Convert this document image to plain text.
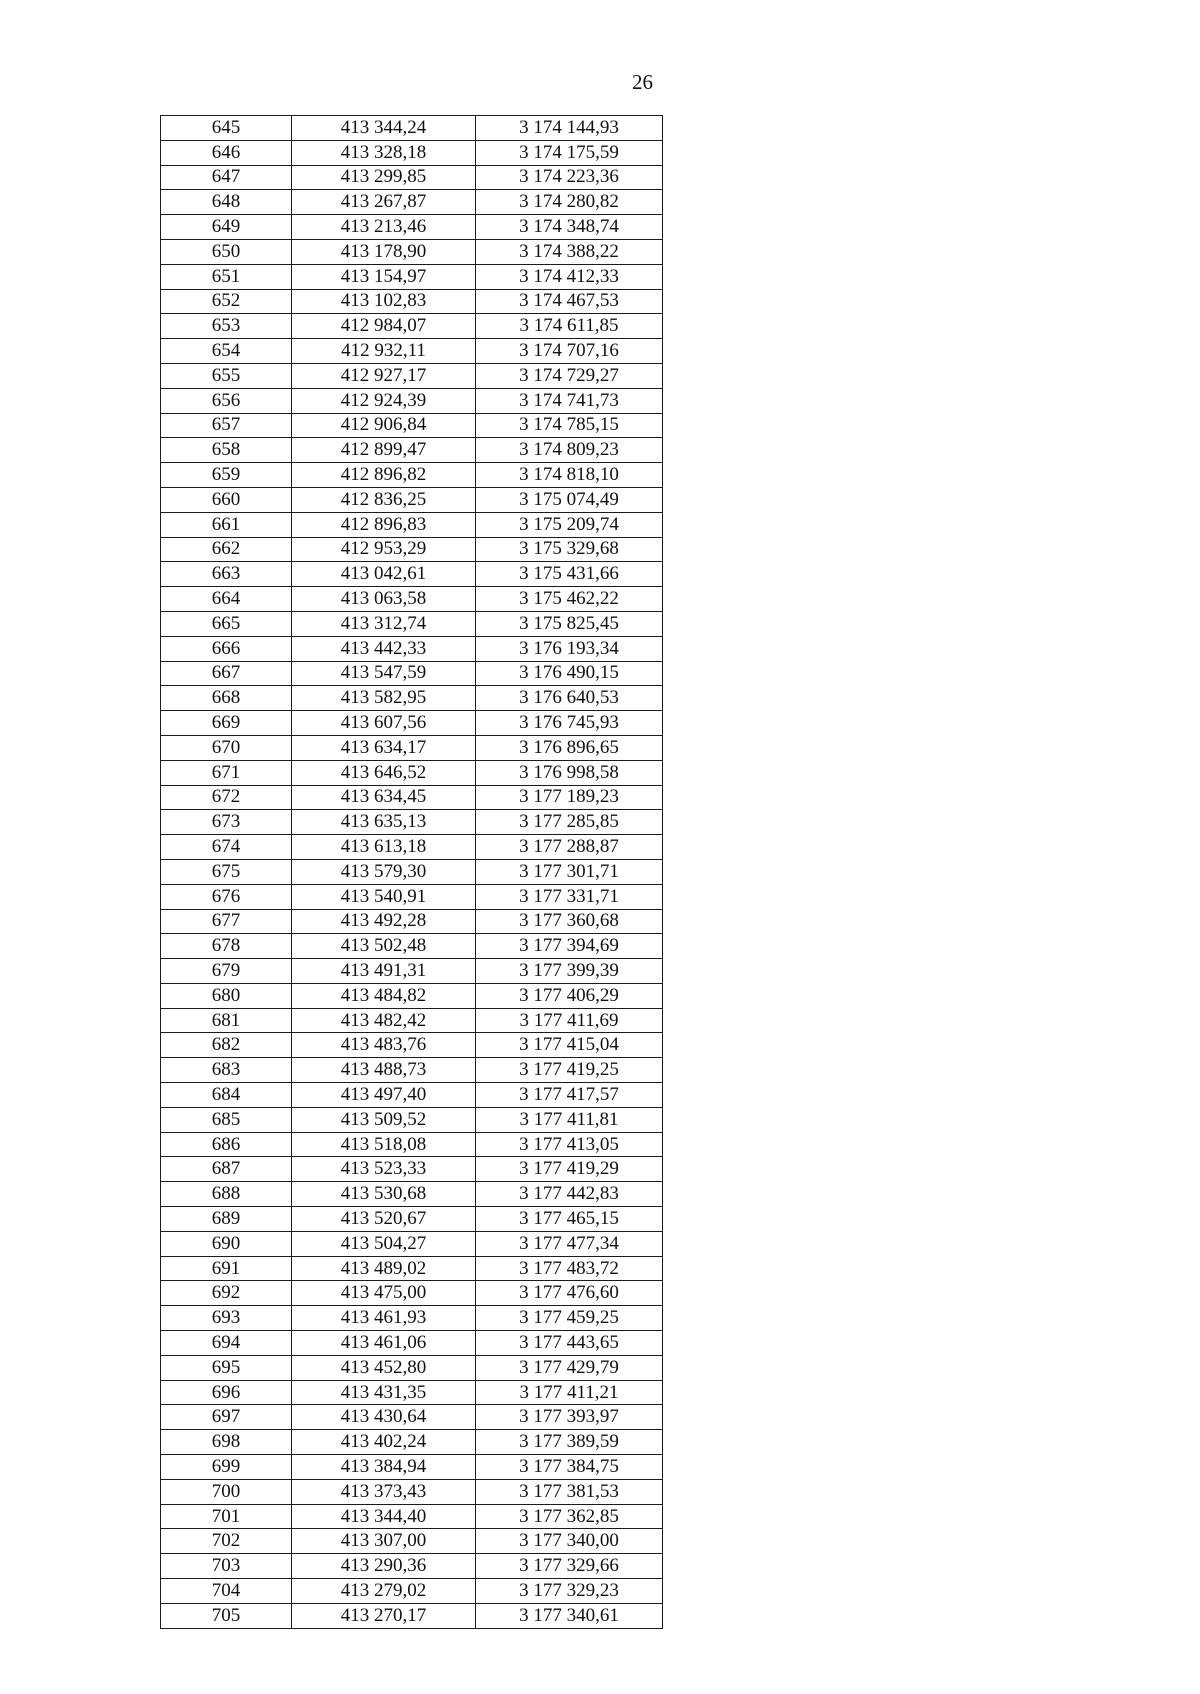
26
645	413 344,24	3 174 144,93
646	413 328,18	3 174 175,59
647	413 299,85	3 174 223,36
648	413 267,87	3 174 280,82
649	413 213,46	3 174 348,74
650	413 178,90	3 174 388,22
651	413 154,97	3 174 412,33
652	413 102,83	3 174 467,53
653	412 984,07	3 174 611,85
654	412 932,11	3 174 707,16
655	412 927,17	3 174 729,27
656	412 924,39	3 174 741,73
657	412 906,84	3 174 785,15
658	412 899,47	3 174 809,23
659	412 896,82	3 174 818,10
660	412 836,25	3 175 074,49
661	412 896,83	3 175 209,74
662	412 953,29	3 175 329,68
663	413 042,61	3 175 431,66
664	413 063,58	3 175 462,22
665	413 312,74	3 175 825,45
666	413 442,33	3 176 193,34
667	413 547,59	3 176 490,15
668	413 582,95	3 176 640,53
669	413 607,56	3 176 745,93
670	413 634,17	3 176 896,65
671	413 646,52	3 176 998,58
672	413 634,45	3 177 189,23
673	413 635,13	3 177 285,85
674	413 613,18	3 177 288,87
675	413 579,30	3 177 301,71
676	413 540,91	3 177 331,71
677	413 492,28	3 177 360,68
678	413 502,48	3 177 394,69
679	413 491,31	3 177 399,39
680	413 484,82	3 177 406,29
681	413 482,42	3 177 411,69
682	413 483,76	3 177 415,04
683	413 488,73	3 177 419,25
684	413 497,40	3 177 417,57
685	413 509,52	3 177 411,81
686	413 518,08	3 177 413,05
687	413 523,33	3 177 419,29
688	413 530,68	3 177 442,83
689	413 520,67	3 177 465,15
690	413 504,27	3 177 477,34
691	413 489,02	3 177 483,72
692	413 475,00	3 177 476,60
693	413 461,93	3 177 459,25
694	413 461,06	3 177 443,65
695	413 452,80	3 177 429,79
696	413 431,35	3 177 411,21
697	413 430,64	3 177 393,97
698	413 402,24	3 177 389,59
699	413 384,94	3 177 384,75
700	413 373,43	3 177 381,53
701	413 344,40	3 177 362,85
702	413 307,00	3 177 340,00
703	413 290,36	3 177 329,66
704	413 279,02	3 177 329,23
705	413 270,17	3 177 340,61
